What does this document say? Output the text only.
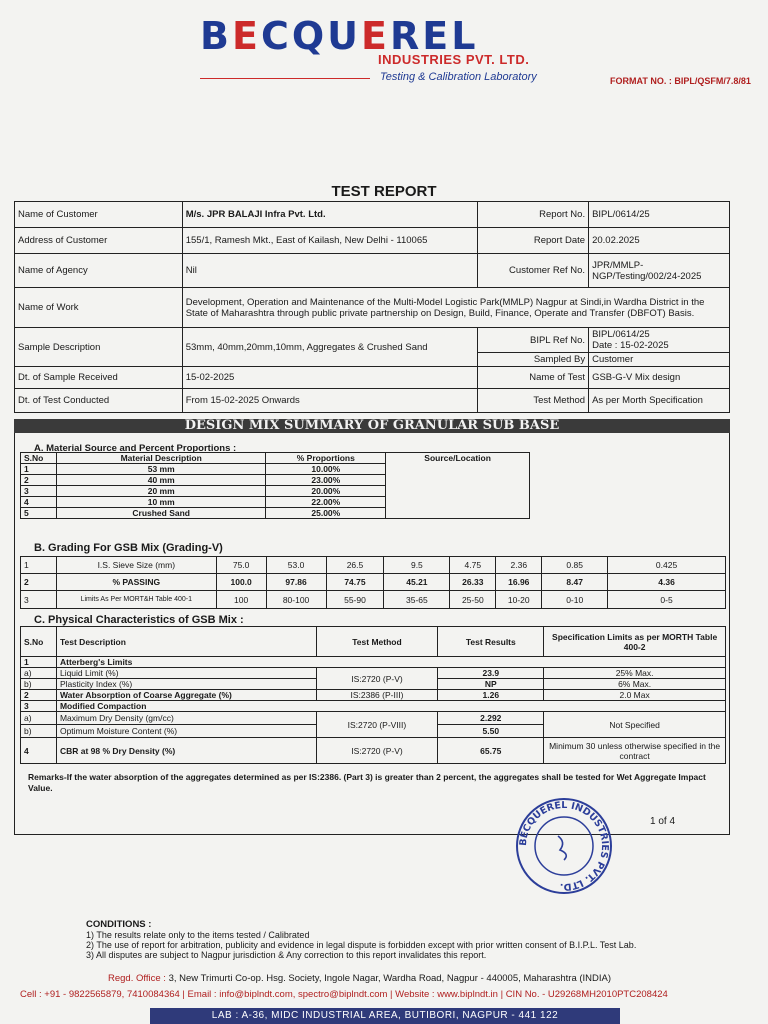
BECQUEREL
INDUSTRIES PVT. LTD.
Testing & Calibration Laboratory	FORMAT NO. : BIPL/QSFM/7.8/81
TEST REPORT
Name of Customer	M/s. JPR BALAJI Infra Pvt. Ltd.	Report No.	BIPL/0614/25
Address of Customer	155/1, Ramesh Mkt., East of Kailash, New Delhi - 110065	Report Date	20.02.2025
Name of Agency	Nil	Customer Ref No.	JPR/MMLP-NGP/Testing/002/24-2025
Name of Work	Development, Operation and Maintenance of the Multi-Model Logistic Park(MMLP) Nagpur at Sindi,in Wardha District in the State of Maharashtra through public private partnership on Design, Build, Finance, Operate and Transfer (DBFOT) Basis.		
Sample Description	53mm, 40mm,20mm,10mm, Aggregates & Crushed Sand	BIPL Ref No.	BIPL/0614/25
Date : 15-02-2025
		Sampled By	Customer
Dt. of Sample Received	15-02-2025	Name of Test	GSB-G-V Mix design
Dt. of Test Conducted	From 15-02-2025 Onwards	Test Method	As per Morth Specification
DESIGN MIX SUMMARY OF GRANULAR SUB BASE
A. Material Source and Percent Proportions :
S.No	Material Description	% Proportions	Source/Location
1	53 mm	10.00%	
2	40 mm	23.00%	
3	20 mm	20.00%	
4	10 mm	22.00%	
5	Crushed Sand	25.00%	
B. Grading For GSB Mix (Grading-V)
1	I.S. Sieve Size (mm)	75.0	53.0	26.5	9.5	4.75	2.36	0.85	0.425
2	% PASSING	100.0	97.86	74.75	45.21	26.33	16.96	8.47	4.36
3	Limits As Per MORT&H Table 400-1	100	80-100	55-90	35-65	25-50	10-20	0-10	0-5
C. Physical Characteristics of GSB Mix :
S.No	Test Description	Test Method	Test Results	Specification Limits as per MORTH Table 400-2
1	Atterberg's Limits			
a)	Liquid Limit (%)	IS:2720 (P-V)	23.9	25% Max.
b)	Plasticity Index (%)		NP	6% Max.
2	Water Absorption of Coarse Aggregate (%)	IS:2386 (P-III)	1.26	2.0 Max
3	Modified Compaction			
a)	Maximum Dry Density (gm/cc)	IS:2720 (P-VIII)	2.292	Not Specified
b)	Optimum Moisture Content (%)		5.50	
4	CBR at 98 % Dry Density (%)	IS:2720 (P-V)	65.75	Minimum 30 unless otherwise specified in the contract
Remarks-If the water absorption of the aggregates determined as per IS:2386. (Part 3) is greater than 2 percent, the aggregates shall be tested for Wet Aggregate Impact Value.
1 of 4
BECQUEREL INDUSTRIES PVT. LTD.
CONDITIONS :
1) The results relate only to the items tested / Calibrated
2) The use of report for arbitration, publicity and evidence in legal dispute is forbidden except with prior written consent of B.I.P.L. Test Lab.
3) All disputes are subject to Nagpur jurisdiction & Any correction to this report invalidates this report.
Regd. Office : 3, New Trimurti Co-op. Hsg. Society, Ingole Nagar, Wardha Road, Nagpur - 440005, Maharashtra (INDIA)
Cell : +91 - 9822565879, 7410084364 | Email : info@biplndt.com, spectro@biplndt.com | Website : www.biplndt.in | CIN No. - U29268MH2010PTC208424
LAB : A-36, MIDC INDUSTRIAL AREA, BUTIBORI, NAGPUR - 441 122
